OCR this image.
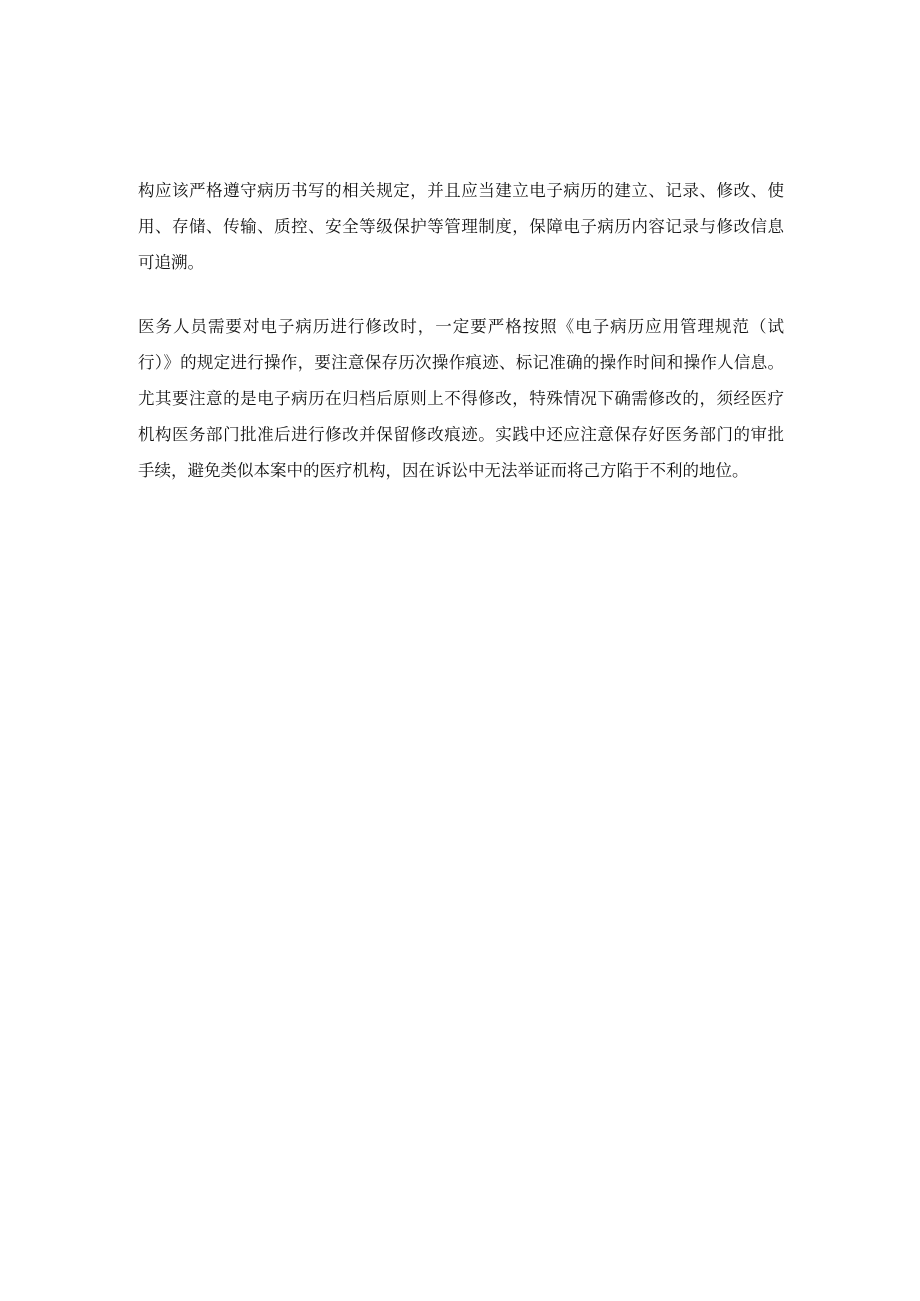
构应该严格遵守病历书写的相关规定，并且应当建立电子病历的建立、记录、修改、使
用、存储、传输、质控、安全等级保护等管理制度，保障电子病历内容记录与修改信息
可追溯。
医务人员需要对电子病历进行修改时，一定要严格按照《电子病历应用管理规范（试
行）》的规定进行操作，要注意保存历次操作痕迹、标记准确的操作时间和操作人信息。
尤其要注意的是电子病历在归档后原则上不得修改，特殊情况下确需修改的，须经医疗
机构医务部门批准后进行修改并保留修改痕迹。实践中还应注意保存好医务部门的审批
手续，避免类似本案中的医疗机构，因在诉讼中无法举证而将己方陷于不利的地位。
